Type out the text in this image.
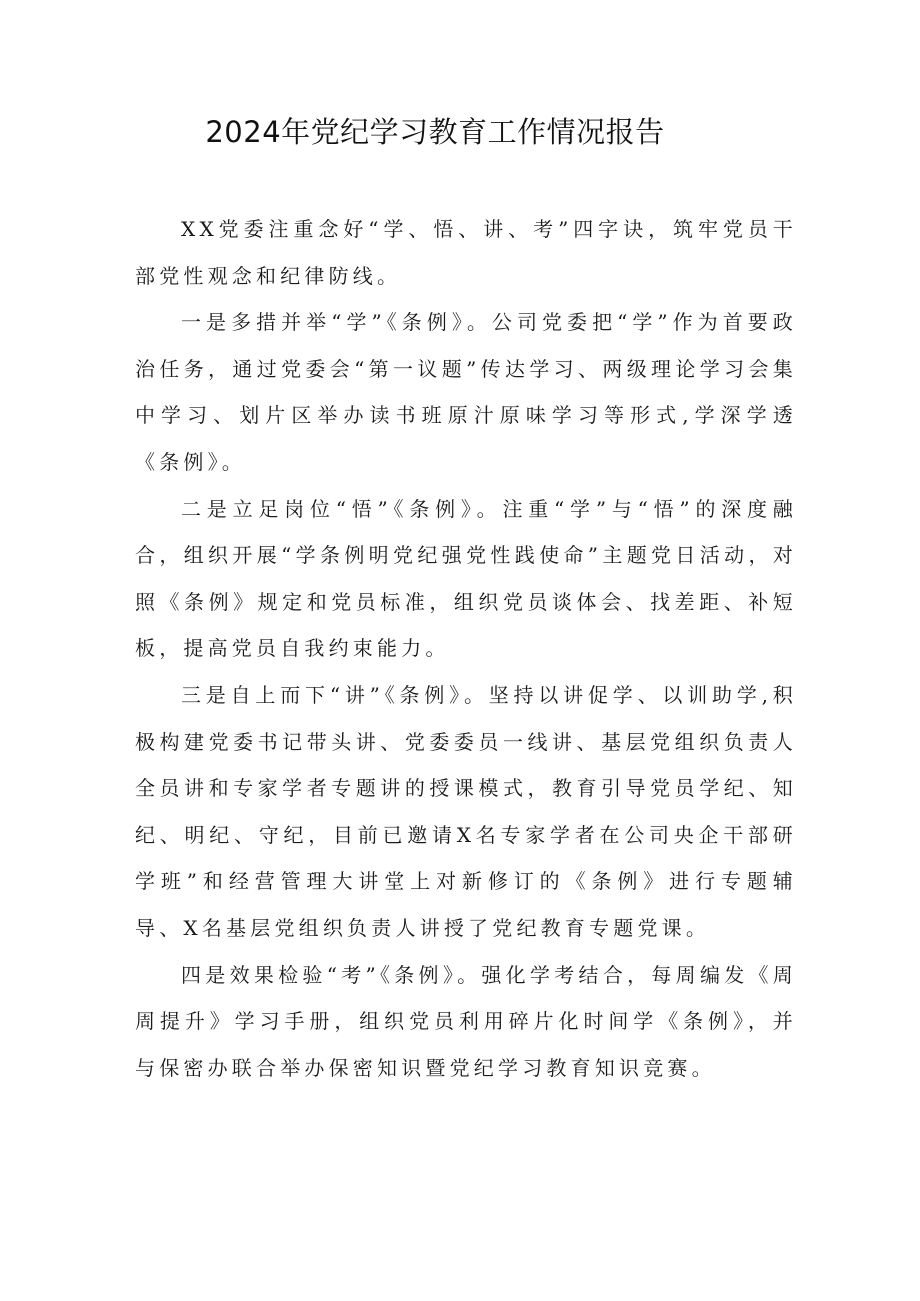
2024年党纪学习教育工作情况报告

XX党委注重念好“学、悟、讲、考”四字诀，筑牢党员干部党性观念和纪律防线。

一是多措并举“学”《条例》。公司党委把“学”作为首要政治任务，通过党委会“第一议题”传达学习、两级理论学习会集中学习、划片区举办读书班原汁原味学习等形式,学深学透《条例》。

二是立足岗位“悟”《条例》。注重“学”与“悟”的深度融合，组织开展“学条例明党纪强党性践使命”主题党日活动，对照《条例》规定和党员标准，组织党员谈体会、找差距、补短板，提高党员自我约束能力。

三是自上而下“讲”《条例》。坚持以讲促学、以训助学,积极构建党委书记带头讲、党委委员一线讲、基层党组织负责人全员讲和专家学者专题讲的授课模式，教育引导党员学纪、知纪、明纪、守纪，目前已邀请X名专家学者在公司央企干部研学班”和经营管理大讲堂上对新修订的《条例》进行专题辅导、X名基层党组织负责人讲授了党纪教育专题党课。

四是效果检验“考”《条例》。强化学考结合，每周编发《周周提升》学习手册，组织党员利用碎片化时间学《条例》，并与保密办联合举办保密知识暨党纪学习教育知识竞赛。
